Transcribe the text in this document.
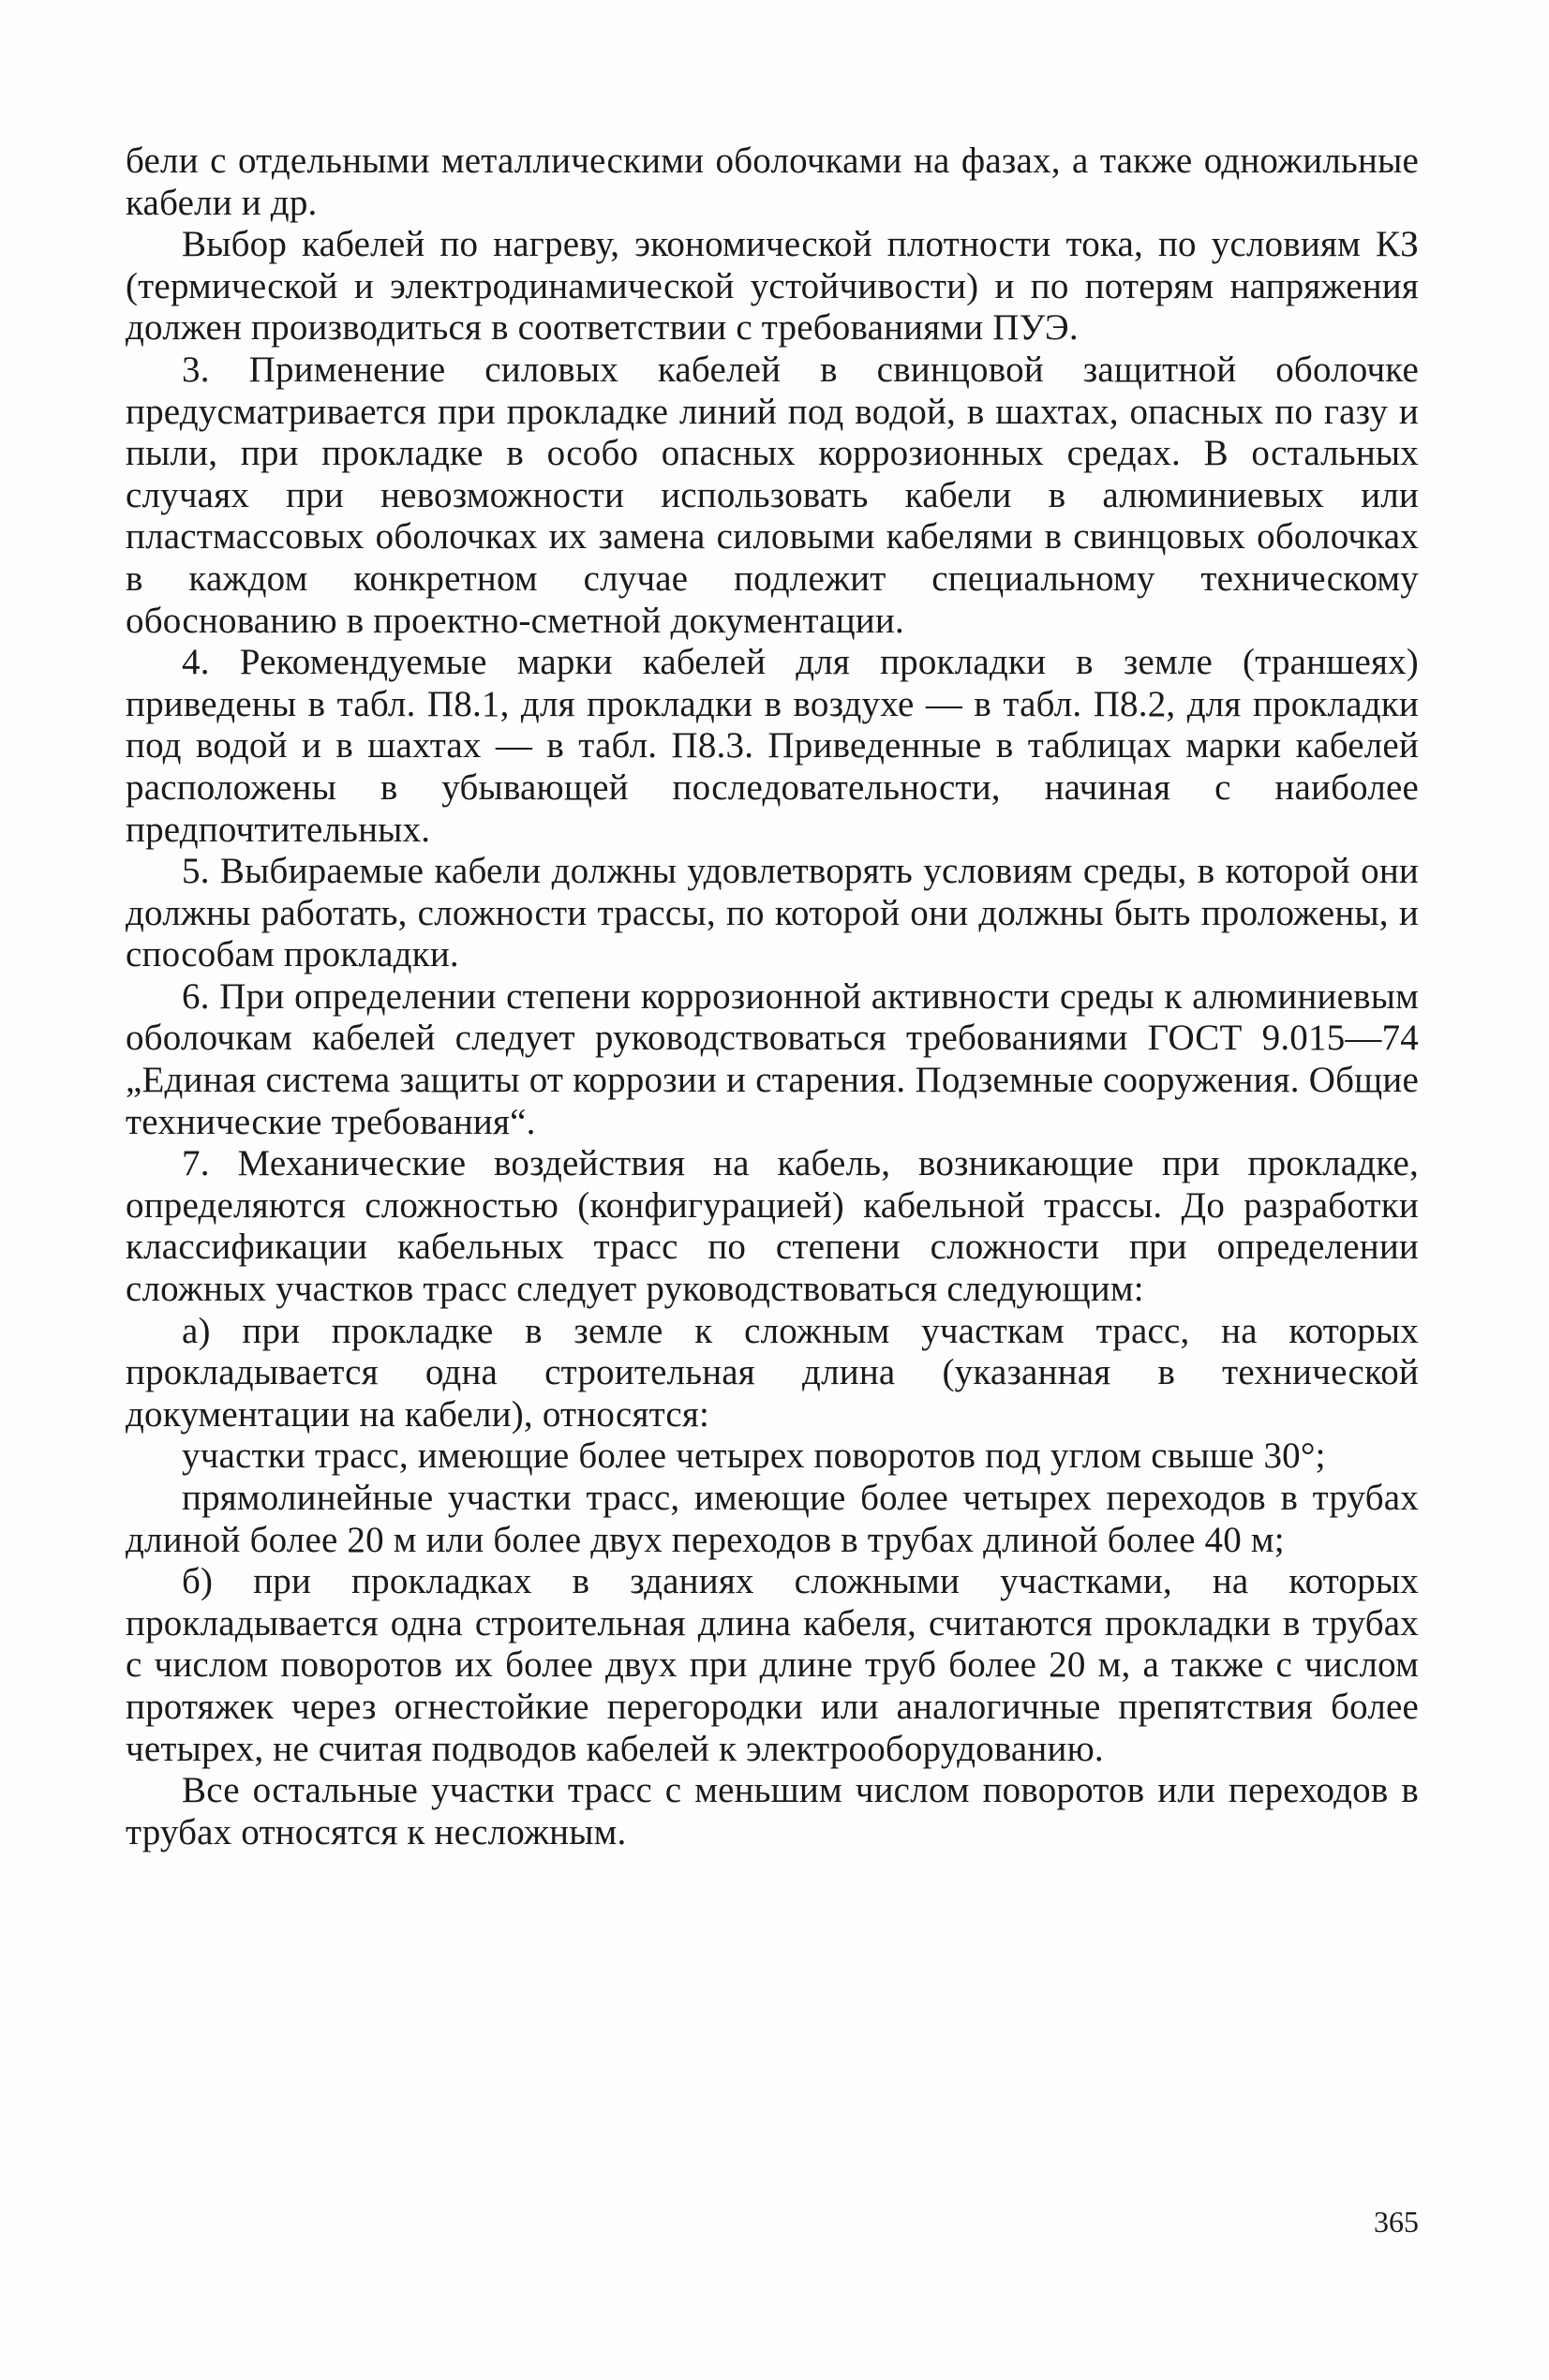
бели с отдельными металлическими оболочками на фазах, а также одножильные кабели и др.

Выбор кабелей по нагреву, экономической плотности тока, по условиям КЗ (термической и электродинамической устойчивости) и по потерям напряжения должен производиться в соответствии с требованиями ПУЭ.

3. Применение силовых кабелей в свинцовой защитной оболочке предусматривается при прокладке линий под водой, в шахтах, опасных по газу и пыли, при прокладке в особо опасных коррозионных средах. В остальных случаях при невозможности использовать кабели в алюминиевых или пластмассовых оболочках их замена силовыми кабелями в свинцовых оболочках в каждом конкретном случае подлежит специальному техническому обоснованию в проектно-сметной документации.

4. Рекомендуемые марки кабелей для прокладки в земле (траншеях) приведены в табл. П8.1, для прокладки в воздухе — в табл. П8.2, для прокладки под водой и в шахтах — в табл. П8.3. Приведенные в таблицах марки кабелей расположены в убывающей последовательности, начиная с наиболее предпочтительных.

5. Выбираемые кабели должны удовлетворять условиям среды, в которой они должны работать, сложности трассы, по которой они должны быть проложены, и способам прокладки.

6. При определении степени коррозионной активности среды к алюминиевым оболочкам кабелей следует руководствоваться требованиями ГОСТ 9.015—74 „Единая система защиты от коррозии и старения. Подземные сооружения. Общие технические требования“.

7. Механические воздействия на кабель, возникающие при прокладке, определяются сложностью (конфигурацией) кабельной трассы. До разработки классификации кабельных трасс по степени сложности при определении сложных участков трасс следует руководствоваться следующим:

а) при прокладке в земле к сложным участкам трасс, на которых прокладывается одна строительная длина (указанная в технической документации на кабели), относятся:

участки трасс, имеющие более четырех поворотов под углом свыше 30°;

прямолинейные участки трасс, имеющие более четырех переходов в трубах длиной более 20 м или более двух переходов в трубах длиной более 40 м;

б) при прокладках в зданиях сложными участками, на которых прокладывается одна строительная длина кабеля, считаются прокладки в трубах с числом поворотов их более двух при длине труб более 20 м, а также с числом протяжек через огнестойкие перегородки или аналогичные препятствия более четырех, не считая подводов кабелей к электрооборудованию.

Все остальные участки трасс с меньшим числом поворотов или переходов в трубах относятся к несложным.

365
